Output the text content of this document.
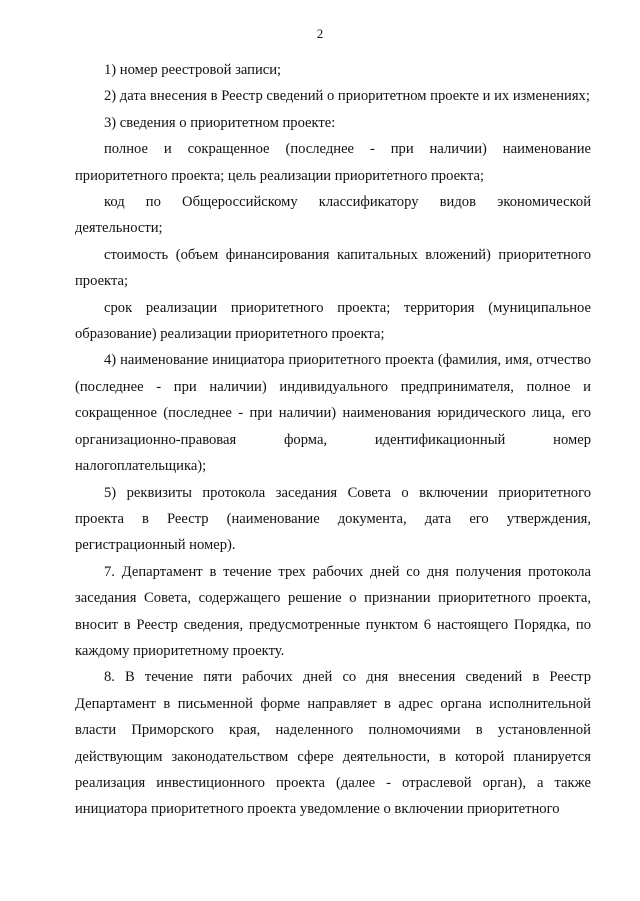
2

1) номер реестровой записи;

2) дата внесения в Реестр сведений о приоритетном проекте и их изменениях;

3) сведения о приоритетном проекте:

полное и сокращенное (последнее - при наличии) наименование приоритетного проекта; цель реализации приоритетного проекта;

код по Общероссийскому классификатору видов экономической деятельности;

стоимость (объем финансирования капитальных вложений) приоритетного проекта;

срок реализации приоритетного проекта; территория (муниципальное образование) реализации приоритетного проекта;

4) наименование инициатора приоритетного проекта (фамилия, имя, отчество (последнее - при наличии) индивидуального предпринимателя, полное и сокращенное (последнее - при наличии) наименования юридического лица, его организационно-правовая форма, идентификационный номер налогоплательщика);

5) реквизиты протокола заседания Совета о включении приоритетного проекта в Реестр (наименование документа, дата его утверждения, регистрационный номер).

7. Департамент в течение трех рабочих дней со дня получения протокола заседания Совета, содержащего решение о признании приоритетного проекта, вносит в Реестр сведения, предусмотренные пунктом 6 настоящего Порядка, по каждому приоритетному проекту.

8. В течение пяти рабочих дней со дня внесения сведений в Реестр Департамент в письменной форме направляет в адрес органа исполнительной власти Приморского края, наделенного полномочиями в установленной действующим законодательством сфере деятельности, в которой планируется реализация инвестиционного проекта (далее - отраслевой орган), а также инициатора приоритетного проекта уведомление о включении приоритетного
